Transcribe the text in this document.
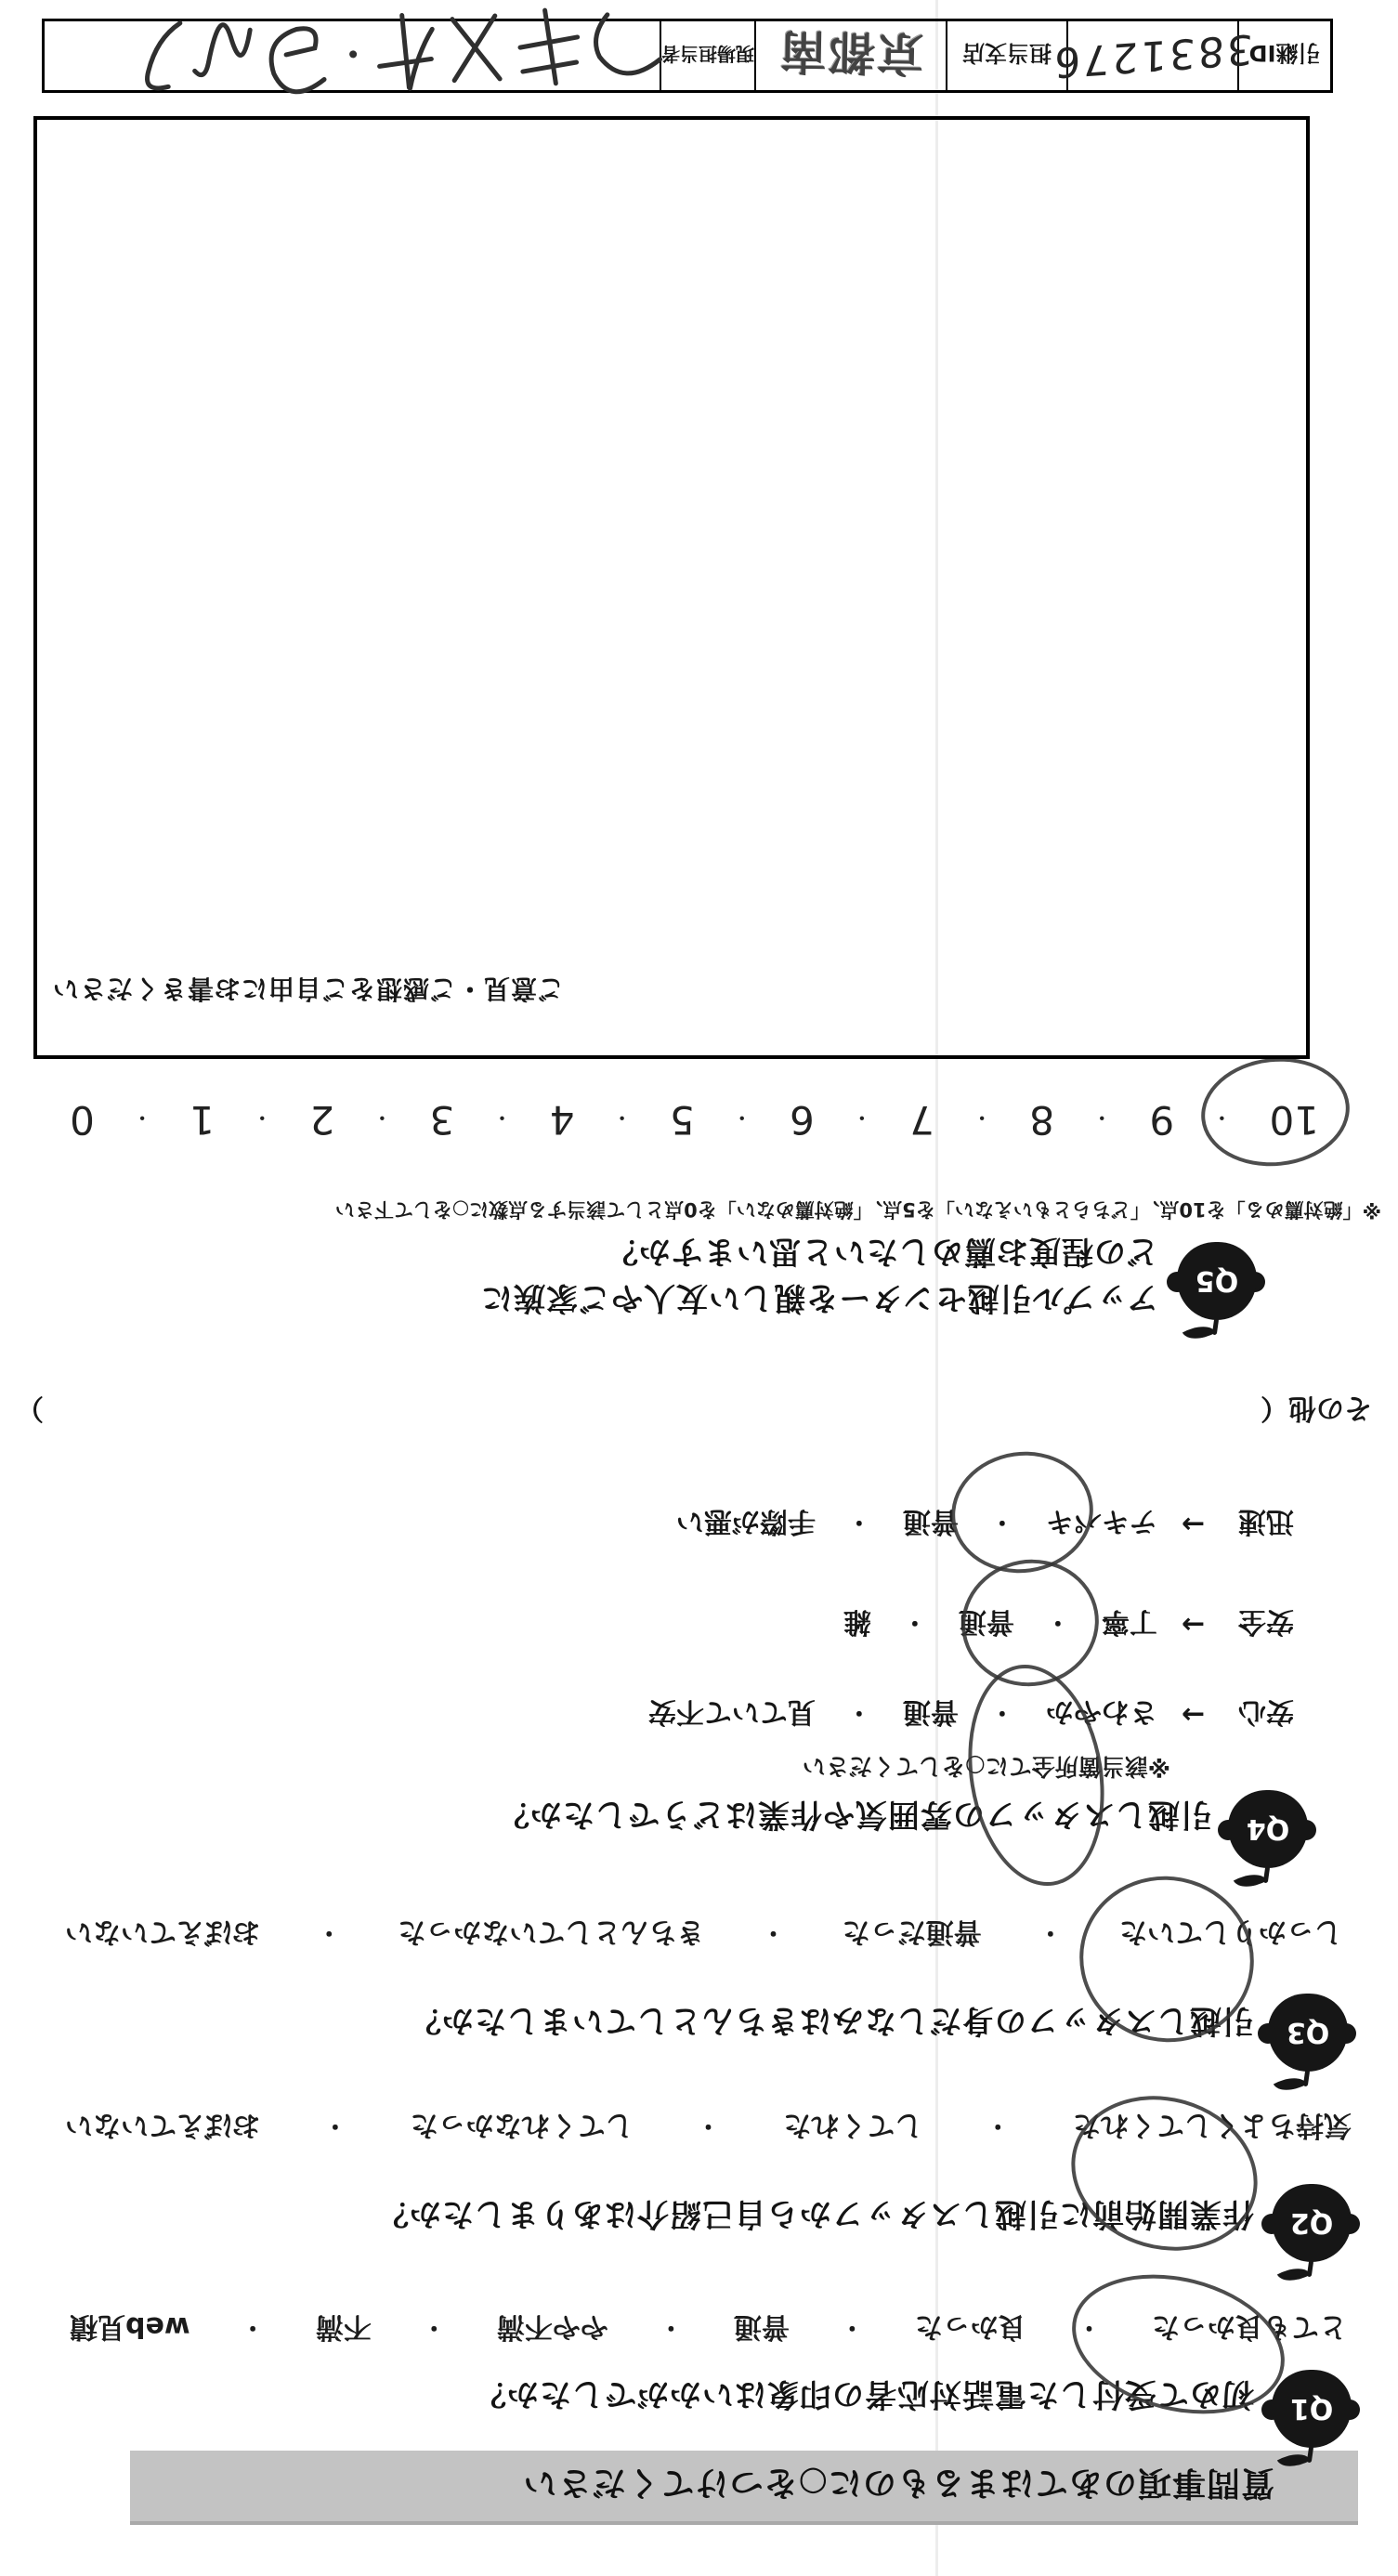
質問事項のあてはまるものに○をつけてください
Q1
初めて受付した電話対応者の印象はいかがでしたか？
とても良かった
・
良かった
・
普通
・
やや不満
・
不満
・
web見積
Q2
作業開始前に引越しスタッフから自己紹介はありましたか？
気持ちよくしてくれた
・
してくれた
・
してくれなかった
・
おぼえていない
Q3
引越しスタッフの身だしなみはきちんとしていましたか？
しっかりしていた
・
普通だった
・
きちんとしていなかった
・
おぼえていない
Q4
引越しスタッフの雰囲気や作業はどうでしたか？
※該当箇所全てに○をしてください
安心
→
さわやか
・
普通
・
見ていて不安
安全
→
丁寧
・
普通
・
雑
迅速
→
テキパキ
・
普通
・
手際が悪い
その他
（
）
Q5
アップル引越センターを親しい友人やご家族に
どの程度お薦めしたいと思いますか？
※「絶対薦める」を10点、「どちらともいえない」を5点、「絶対薦めない」を0点として該当する点数に○をして下さい
10
・
9
・
8
・
7
・
6
・
5
・
4
・
3
・
2
・
1
・
0
ご意見・ご感想をご自由にお書きください
引継ID
3831276
担当支店
京都南
現場担当者
